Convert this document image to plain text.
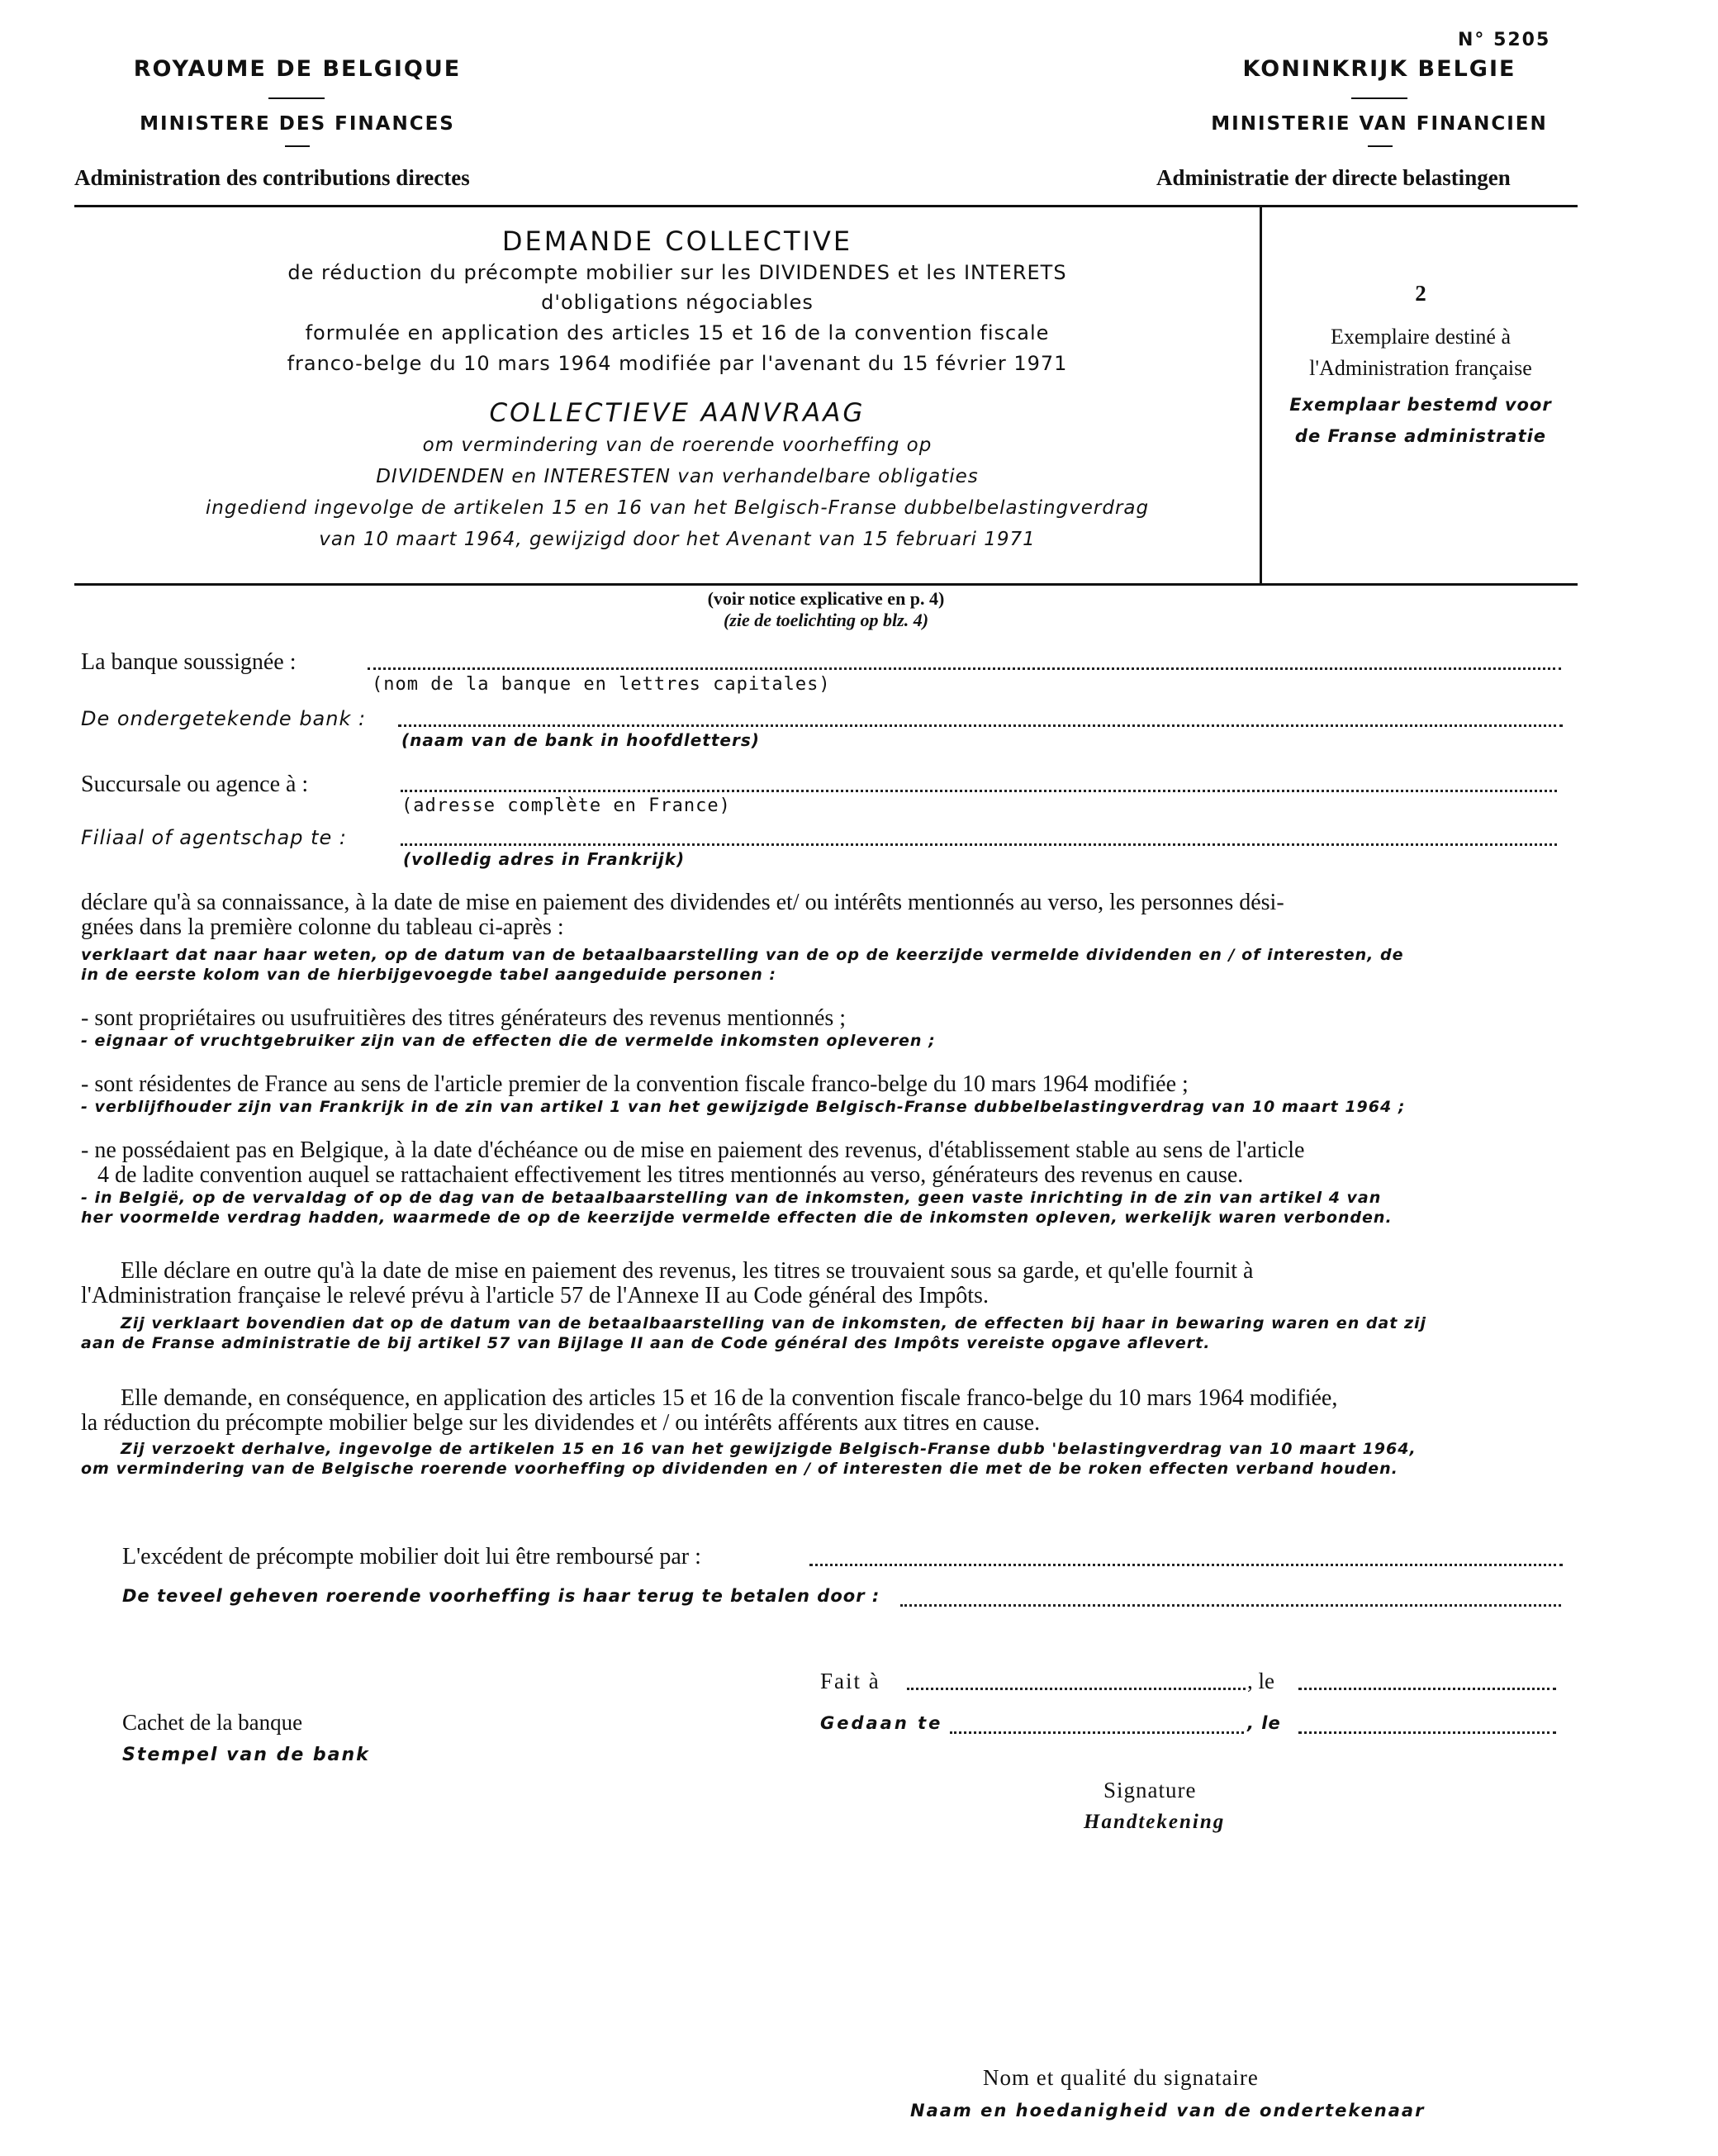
N° 5205
ROYAUME DE BELGIQUE
MINISTERE DES FINANCES
Administration des contributions directes
KONINKRIJK BELGIE
MINISTERIE VAN FINANCIEN
Administratie der directe belastingen
DEMANDE COLLECTIVE
de réduction du précompte mobilier sur les DIVIDENDES et les INTERETS
d'obligations négociables
formulée en application des articles 15 et 16 de la convention fiscale
franco-belge du 10 mars 1964 modifiée par l'avenant du 15 février 1971
COLLECTIEVE AANVRAAG
om vermindering van de roerende voorheffing op
DIVIDENDEN en INTERESTEN van verhandelbare obligaties
ingediend ingevolge de artikelen 15 en 16 van het Belgisch-Franse dubbelbelastingverdrag
van 10 maart 1964, gewijzigd door het Avenant van 15 februari 1971
2
Exemplaire destiné à
l'Administration française
Exemplaar bestemd voor
de Franse administratie
(voir notice explicative en p. 4)
(zie de toelichting op blz. 4)
La banque soussignée :
(nom de la banque en lettres capitales)
De ondergetekende bank :
(naam van de bank in hoofdletters)
Succursale ou agence à :
(adresse complète en France)
Filiaal of agentschap te :
(volledig adres in Frankrijk)
déclare qu'à sa connaissance, à la date de mise en paiement des dividendes et/ ou intérêts mentionnés au verso, les personnes dési-
gnées dans la première colonne du tableau ci-après :
verklaart dat naar haar weten, op de datum van de betaalbaarstelling van de op de keerzijde vermelde dividenden en / of interesten, de
in de eerste kolom van de hierbijgevoegde tabel aangeduide personen :
- sont propriétaires ou usufruitières des titres générateurs des revenus mentionnés ;
- eignaar of vruchtgebruiker zijn van de effecten die de vermelde inkomsten opleveren ;
- sont résidentes de France au sens de l'article premier de la convention fiscale franco-belge du 10 mars 1964 modifiée ;
- verblijfhouder zijn van Frankrijk in de zin van artikel 1 van het gewijzigde Belgisch-Franse dubbelbelastingverdrag van 10 maart 1964 ;
- ne possédaient pas en Belgique, à la date d'échéance ou de mise en paiement des revenus, d'établissement stable au sens de l'article
4 de ladite convention auquel se rattachaient effectivement les titres mentionnés au verso, générateurs des revenus en cause.
- in België, op de vervaldag of op de dag van de betaalbaarstelling van de inkomsten, geen vaste inrichting in de zin van artikel 4 van
her voormelde verdrag hadden, waarmede de op de keerzijde vermelde effecten die de inkomsten opleven, werkelijk waren verbonden.
Elle déclare en outre qu'à la date de mise en paiement des revenus, les titres se trouvaient sous sa garde, et qu'elle fournit à
l'Administration française le relevé prévu à l'article 57 de l'Annexe II au Code général des Impôts.
Zij verklaart bovendien dat op de datum van de betaalbaarstelling van de inkomsten, de effecten bij haar in bewaring waren en dat zij
aan de Franse administratie de bij artikel 57 van Bijlage II aan de Code général des Impôts vereiste opgave aflevert.
Elle demande, en conséquence, en application des articles 15 et 16 de la convention fiscale franco-belge du 10 mars 1964 modifiée,
la réduction du précompte mobilier belge sur les dividendes et / ou intérêts afférents aux titres en cause.
Zij verzoekt derhalve, ingevolge de artikelen 15 en 16 van het gewijzigde Belgisch-Franse dubb 'belastingverdrag van 10 maart 1964,
om vermindering van de Belgische roerende voorheffing op dividenden en / of interesten die met de be roken effecten verband houden.
L'excédent de précompte mobilier doit lui être remboursé par :
De teveel geheven roerende voorheffing is haar terug te betalen door :
Fait à	, le
Gedaan te	, le
Cachet de la banque
Stempel van de bank
Signature
Handtekening
Nom et qualité du signataire
Naam en hoedanigheid van de ondertekenaar
